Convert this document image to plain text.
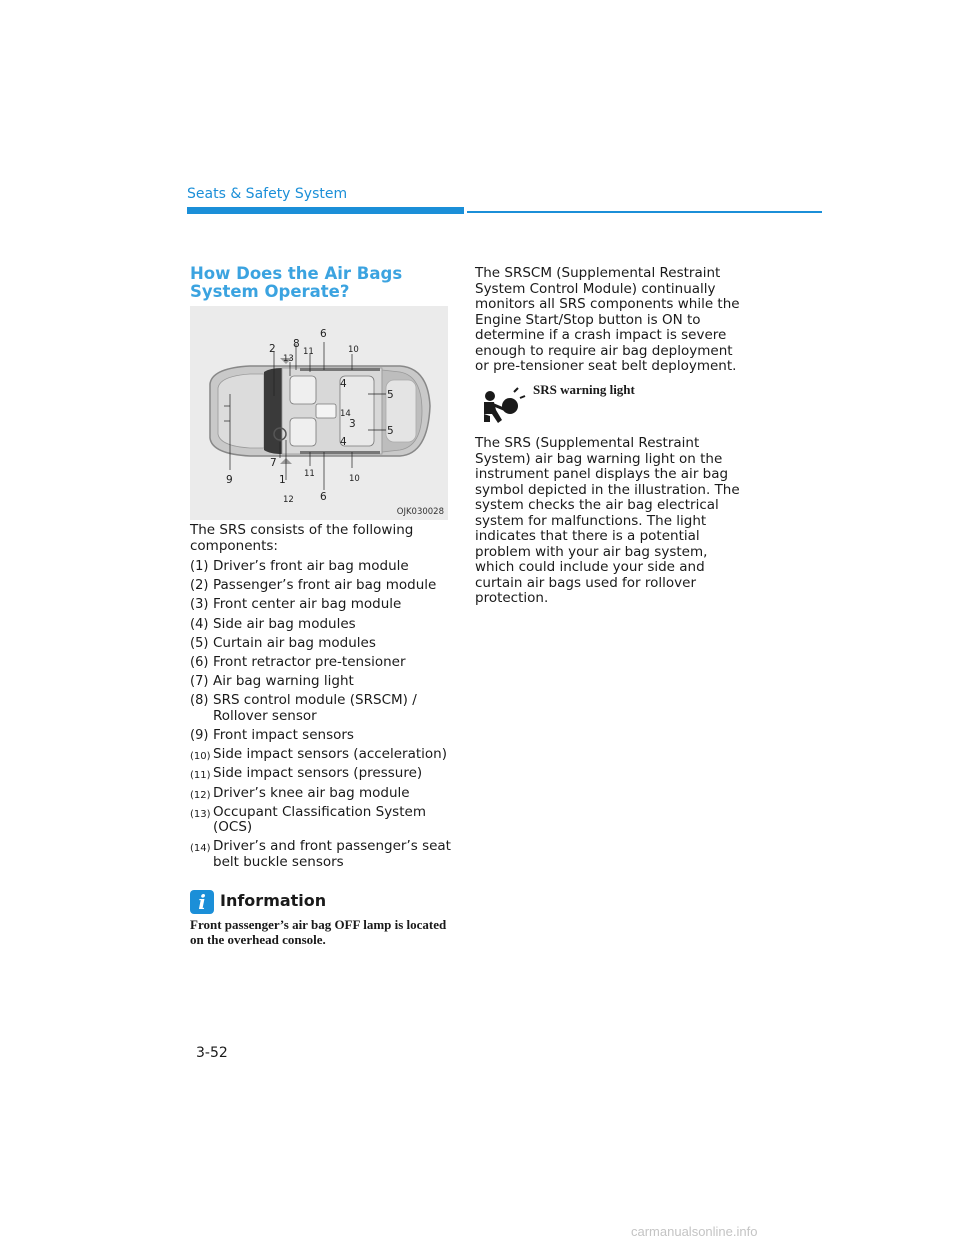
Seats & Safety System
How Does the Air Bags System Operate?
2 8
13
11
6
10
4
5
14
3
4
5
7
9	1 11	10
12 6
OJK030028
The SRS consists of the following components:
(1) Driver’s front air bag module
(2) Passenger’s front air bag module
(3) Front center air bag module
(4) Side air bag modules
(5) Curtain air bag modules
(6) Front retractor pre-tensioner
(7) Air bag warning light
(8) SRS control module (SRSCM) / Rollover sensor
(9) Front impact sensors
(10) Side impact sensors (acceleration)
(11) Side impact sensors (pressure)
(12) Driver’s knee air bag module
(13) Occupant Classification System (OCS)
(14) Driver’s and front passenger’s seat belt buckle sensors
i Information
Front passenger’s air bag OFF lamp is located on the overhead console.
The SRSCM (Supplemental Restraint System Control Module) continually monitors all SRS components while the Engine Start/Stop button is ON to determine if a crash impact is severe enough to require air bag deployment or pre-tensioner seat belt deployment.
SRS warning light
The SRS (Supplemental Restraint System) air bag warning light on the instrument panel displays the air bag symbol depicted in the illustration. The system checks the air bag electrical system for malfunctions. The light indicates that there is a potential problem with your air bag system, which could include your side and curtain air bags used for rollover protection.
3-52
carmanualsonline.info
